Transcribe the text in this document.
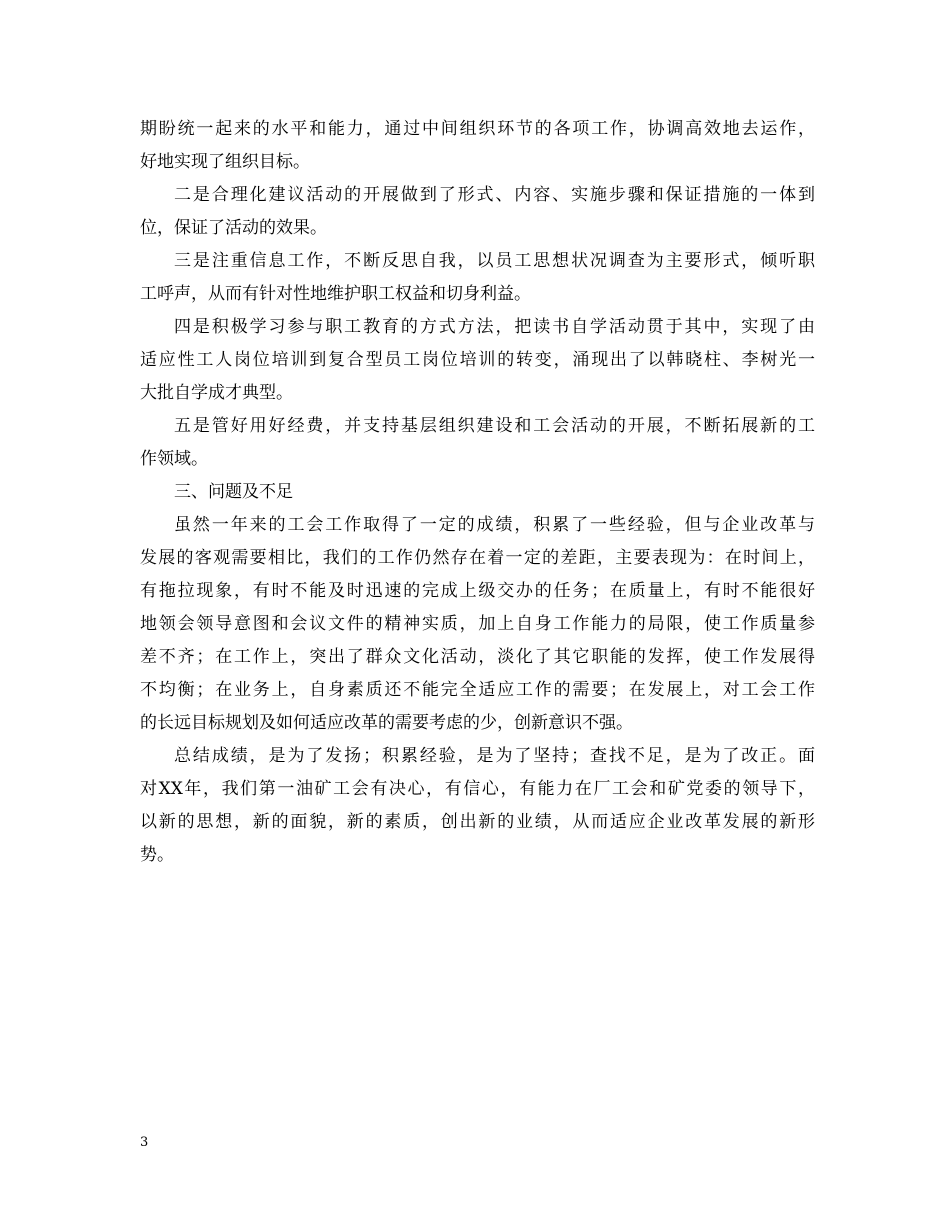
期盼统一起来的水平和能力，通过中间组织环节的各项工作，协调高效地去运作，
好地实现了组织目标。
二是合理化建议活动的开展做到了形式、内容、实施步骤和保证措施的一体到
位，保证了活动的效果。
三是注重信息工作，不断反思自我，以员工思想状况调查为主要形式，倾听职
工呼声，从而有针对性地维护职工权益和切身利益。
四是积极学习参与职工教育的方式方法，把读书自学活动贯于其中，实现了由
适应性工人岗位培训到复合型员工岗位培训的转变，涌现出了以韩晓柱、李树光一
大批自学成才典型。
五是管好用好经费，并支持基层组织建设和工会活动的开展，不断拓展新的工
作领域。
三、问题及不足
虽然一年来的工会工作取得了一定的成绩，积累了一些经验，但与企业改革与
发展的客观需要相比，我们的工作仍然存在着一定的差距，主要表现为：在时间上，
有拖拉现象，有时不能及时迅速的完成上级交办的任务；在质量上，有时不能很好
地领会领导意图和会议文件的精神实质，加上自身工作能力的局限，使工作质量参
差不齐；在工作上，突出了群众文化活动，淡化了其它职能的发挥，使工作发展得
不均衡；在业务上，自身素质还不能完全适应工作的需要；在发展上，对工会工作
的长远目标规划及如何适应改革的需要考虑的少，创新意识不强。
总结成绩，是为了发扬；积累经验，是为了坚持；查找不足，是为了改正。面
对XX年，我们第一油矿工会有决心，有信心，有能力在厂工会和矿党委的领导下，
以新的思想，新的面貌，新的素质，创出新的业绩，从而适应企业改革发展的新形
势。
3
